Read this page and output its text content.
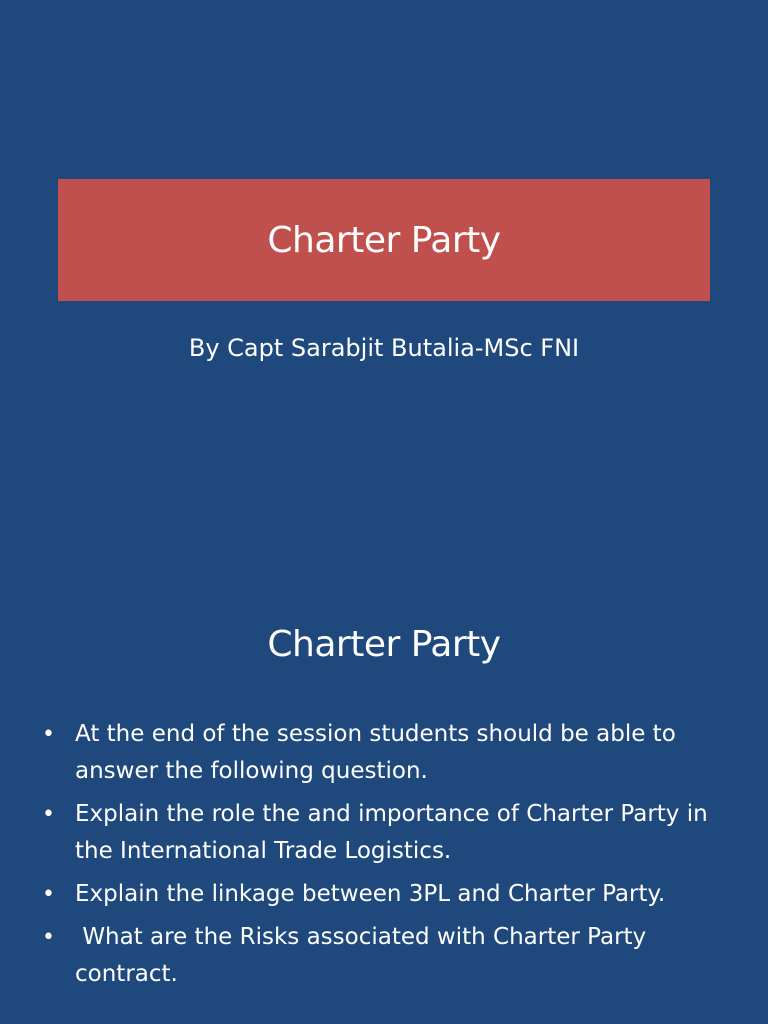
Charter Party
By Capt Sarabjit Butalia-MSc FNI
Charter Party
• At the end of the session students should be able to answer the following question.
• Explain the role the and importance of Charter Party in the International Trade Logistics.
• Explain the linkage between 3PL and Charter Party.
• What are the Risks associated with Charter Party contract.
